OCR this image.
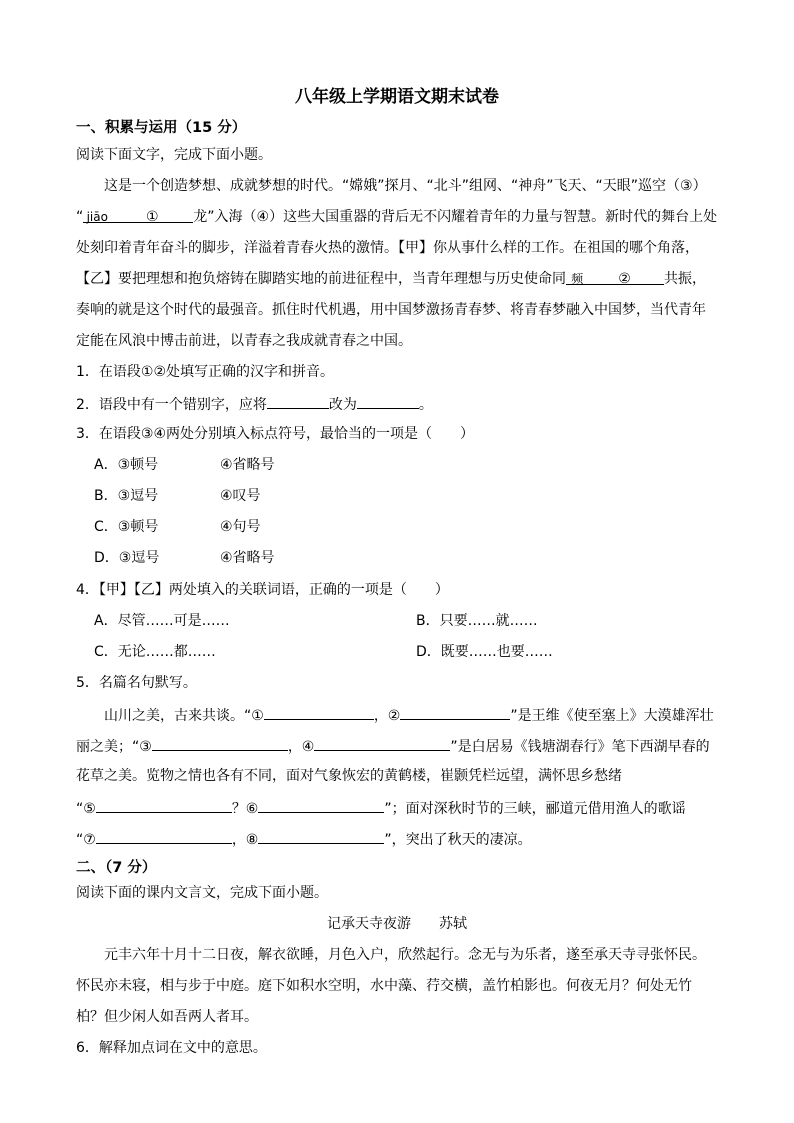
八年级上学期语文期末试卷
一、积累与运用（15 分）
阅读下面文字，完成下面小题。
这是一个创造梦想、成就梦想的时代。“嫦娥”探月、“北斗”组网、“神舟”飞天、“天眼”巡空（③）
“ jiāo	① 龙”入海（④）这些大国重器的背后无不闪耀着青年的力量与智慧。新时代的舞台上处
处刻印着青年奋斗的脚步，洋溢着青春火热的激情。【甲】你从事什么样的工作。在祖国的哪个角落，
【乙】要把理想和抱负熔铸在脚踏实地的前进征程中，当青年理想与历史使命同 频   	②   共振，
奏响的就是这个时代的最强音。抓住时代机遇，用中国梦激扬青春梦、将青春梦融入中国梦，当代青年
定能在风浪中博击前进，以青春之我成就青春之中国。
1．在语段①②处填写正确的汉字和拼音。
2．语段中有一个错别字，应将	改为	。
3．在语段③④两处分别填入标点符号，最恰当的一项是（　　）
A．③顿号	④省略号
B．③逗号	④叹号
C．③顿号	④句号
D．③逗号	④省略号
4．【甲】【乙】两处填入的关联词语，正确的一项是（　　）
A．尽管……可是……	B．只要……就……
C．无论……都……	D．既要……也要……
5．名篇名句默写。
山川之美，古来共谈。“①	，②	”是王维《使至塞上》大漠雄浑壮
丽之美；“③	，④	”是白居易《钱塘湖春行》笔下西湖早春的
花草之美。览物之情也各有不同，面对气象恢宏的黄鹤楼，崔颢凭栏远望，满怀思乡愁绪
“⑤	？⑥	”；面对深秋时节的三峡，郦道元借用渔人的歌谣
“⑦	，⑧	”，突出了秋天的凄凉。
二、（7 分）
阅读下面的课内文言文，完成下面小题。
记承天寺夜游　　苏轼
元丰六年十月十二日夜，解衣欲睡，月色入户，欣然起行。念无与为乐者，遂至承天寺寻张怀民。
怀民亦未寝，相与步于中庭。庭下如积水空明，水中藻、荇交横，盖竹柏影也。何夜无月？何处无竹
柏？但少闲人如吾两人者耳。
6．解释加点词在文中的意思。
